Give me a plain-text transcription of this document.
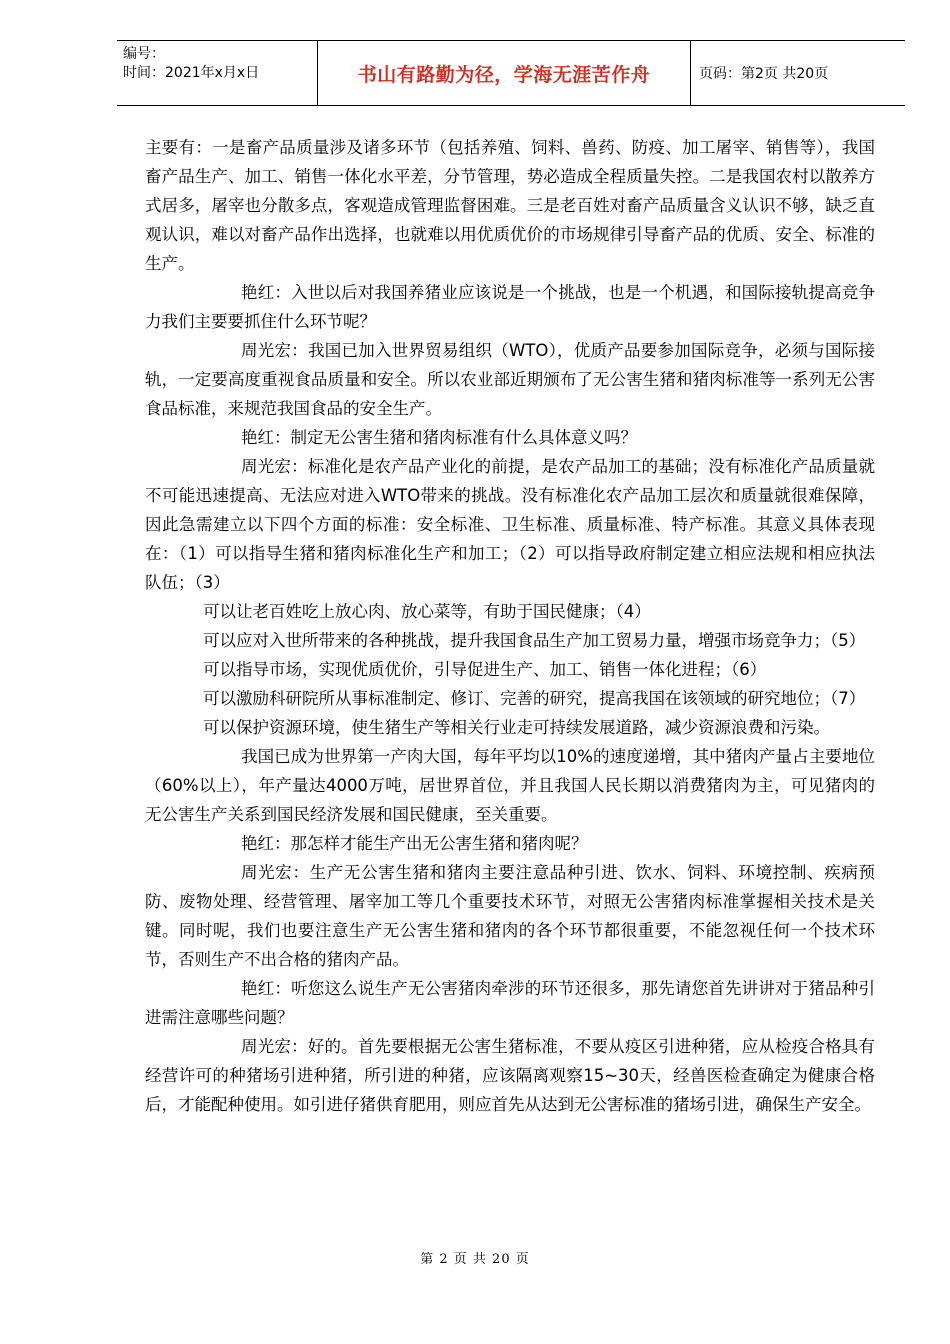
编号：
时间：2021年x月x日	书山有路勤为径，学海无涯苦作舟	页码：第2页 共20页

主要有：一是畜产品质量涉及诸多环节（包括养殖、饲料、兽药、防疫、加工屠宰、销售等），我国畜产品生产、加工、销售一体化水平差，分节管理，势必造成全程质量失控。二是我国农村以散养方式居多，屠宰也分散多点，客观造成管理监督困难。三是老百姓对畜产品质量含义认识不够，缺乏直观认识，难以对畜产品作出选择，也就难以用优质优价的市场规律引导畜产品的优质、安全、标准的生产。

艳红：入世以后对我国养猪业应该说是一个挑战，也是一个机遇，和国际接轨提高竞争力我们主要要抓住什么环节呢？

周光宏：我国已加入世界贸易组织（WTO），优质产品要参加国际竞争，必须与国际接轨，一定要高度重视食品质量和安全。所以农业部近期颁布了无公害生猪和猪肉标准等一系列无公害食品标准，来规范我国食品的安全生产。

艳红：制定无公害生猪和猪肉标准有什么具体意义吗？

周光宏：标准化是农产品产业化的前提，是农产品加工的基础；没有标准化产品质量就不可能迅速提高、无法应对进入WTO带来的挑战。没有标准化农产品加工层次和质量就很难保障，因此急需建立以下四个方面的标准：安全标准、卫生标准、质量标准、特产标准。其意义具体表现在：（1）可以指导生猪和猪肉标准化生产和加工；（2）可以指导政府制定建立相应法规和相应执法队伍；（3）

可以让老百姓吃上放心肉、放心菜等，有助于国民健康；（4）

可以应对入世所带来的各种挑战，提升我国食品生产加工贸易力量，增强市场竞争力；（5）

可以指导市场，实现优质优价，引导促进生产、加工、销售一体化进程；（6）

可以激励科研院所从事标准制定、修订、完善的研究，提高我国在该领域的研究地位；（7）

可以保护资源环境，使生猪生产等相关行业走可持续发展道路，减少资源浪费和污染。

我国已成为世界第一产肉大国，每年平均以10%的速度递增，其中猪肉产量占主要地位（60%以上），年产量达4000万吨，居世界首位，并且我国人民长期以消费猪肉为主，可见猪肉的无公害生产关系到国民经济发展和国民健康，至关重要。

艳红：那怎样才能生产出无公害生猪和猪肉呢？

周光宏：生产无公害生猪和猪肉主要注意品种引进、饮水、饲料、环境控制、疾病预防、废物处理、经营管理、屠宰加工等几个重要技术环节，对照无公害猪肉标准掌握相关技术是关键。同时呢，我们也要注意生产无公害生猪和猪肉的各个环节都很重要，不能忽视任何一个技术环节，否则生产不出合格的猪肉产品。

艳红：听您这么说生产无公害猪肉牵涉的环节还很多，那先请您首先讲讲对于猪品种引进需注意哪些问题？

周光宏：好的。首先要根据无公害生猪标准，不要从疫区引进种猪，应从检疫合格具有经营许可的种猪场引进种猪，所引进的种猪，应该隔离观察15~30天，经兽医检查确定为健康合格后，才能配种使用。如引进仔猪供育肥用，则应首先从达到无公害标准的猪场引进，确保生产安全。

第 2 页 共 20 页
